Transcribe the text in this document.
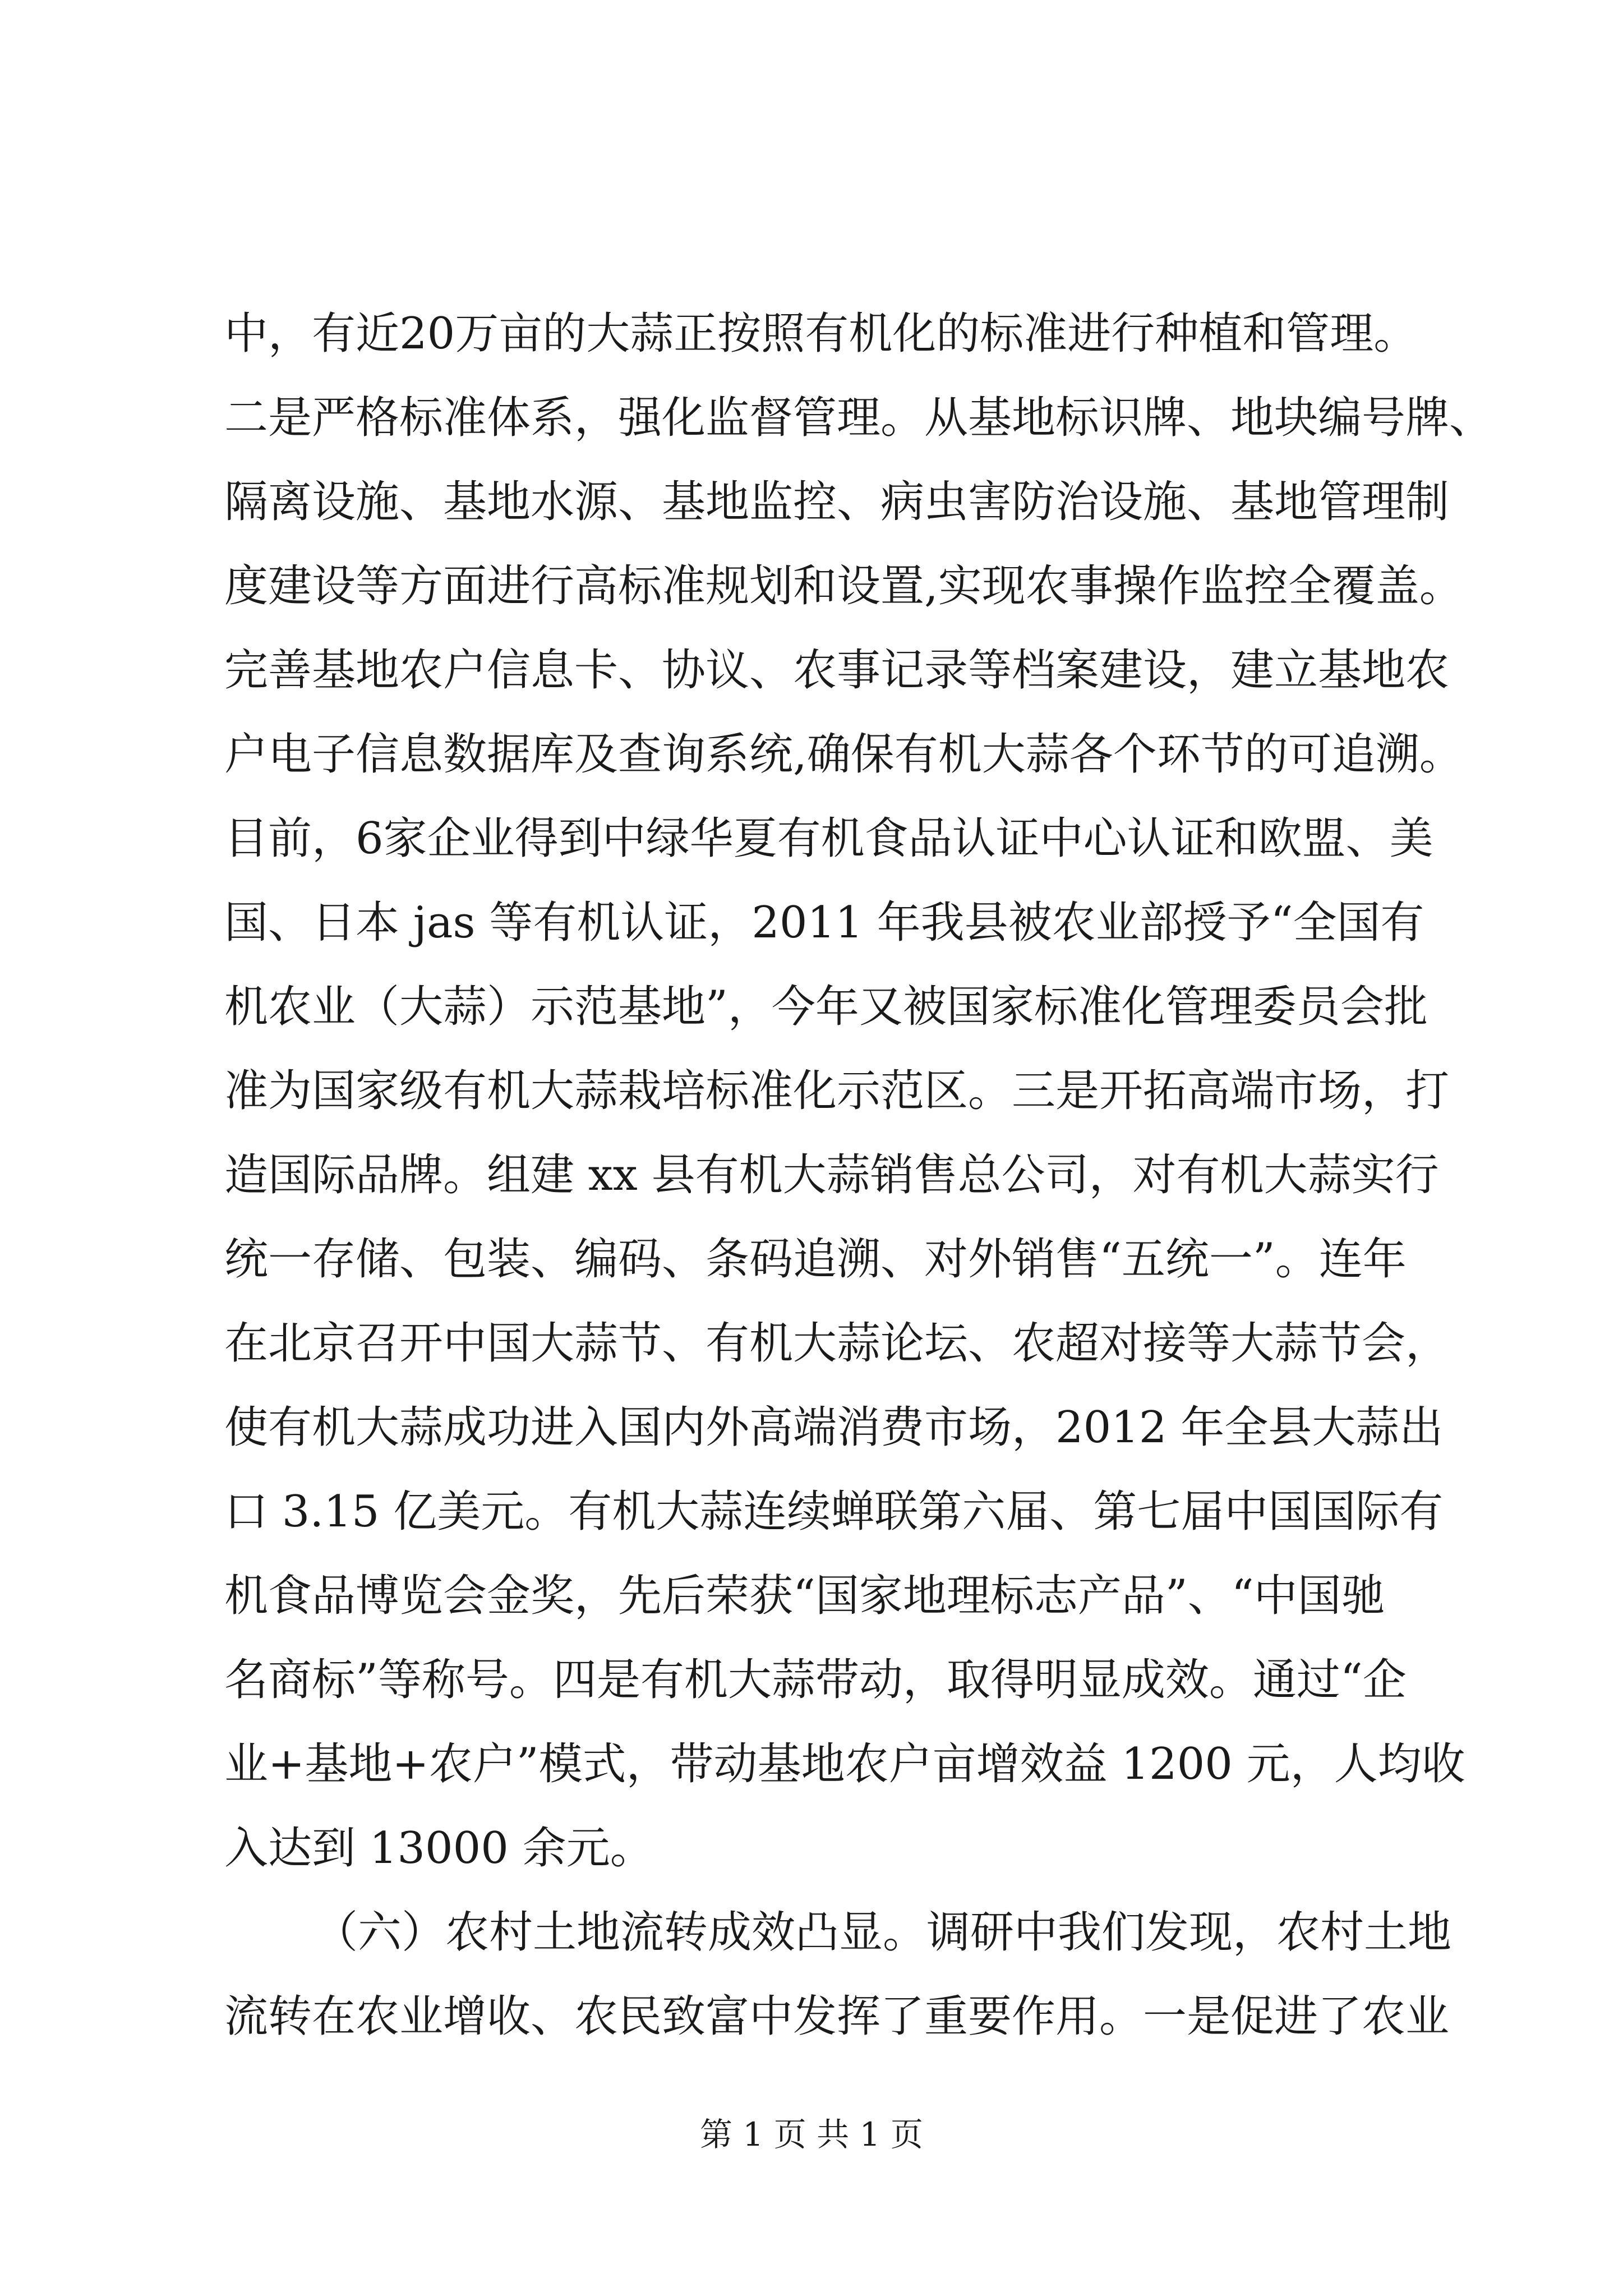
中，有近20万亩的大蒜正按照有机化的标准进行种植和管理。
二是严格标准体系，强化监督管理。从基地标识牌、地块编号牌、
隔离设施、基地水源、基地监控、病虫害防治设施、基地管理制
度建设等方面进行高标准规划和设置,实现农事操作监控全覆盖。
完善基地农户信息卡、协议、农事记录等档案建设，建立基地农
户电子信息数据库及查询系统,确保有机大蒜各个环节的可追溯。
目前，6家企业得到中绿华夏有机食品认证中心认证和欧盟、美
国、日本 jas 等有机认证，2011 年我县被农业部授予“全国有
机农业（大蒜）示范基地”，今年又被国家标准化管理委员会批
准为国家级有机大蒜栽培标准化示范区。三是开拓高端市场，打
造国际品牌。组建 xx 县有机大蒜销售总公司，对有机大蒜实行
统一存储、包装、编码、条码追溯、对外销售“五统一”。连年
在北京召开中国大蒜节、有机大蒜论坛、农超对接等大蒜节会，
使有机大蒜成功进入国内外高端消费市场，2012 年全县大蒜出
口 3.15 亿美元。有机大蒜连续蝉联第六届、第七届中国国际有
机食品博览会金奖，先后荣获“国家地理标志产品”、“中国驰
名商标”等称号。四是有机大蒜带动，取得明显成效。通过“企
业+基地+农户”模式，带动基地农户亩增效益 1200 元，人均收
入达到 13000 余元。
（六）农村土地流转成效凸显。调研中我们发现，农村土地
流转在农业增收、农民致富中发挥了重要作用。一是促进了农业
第 1 页 共 1 页
